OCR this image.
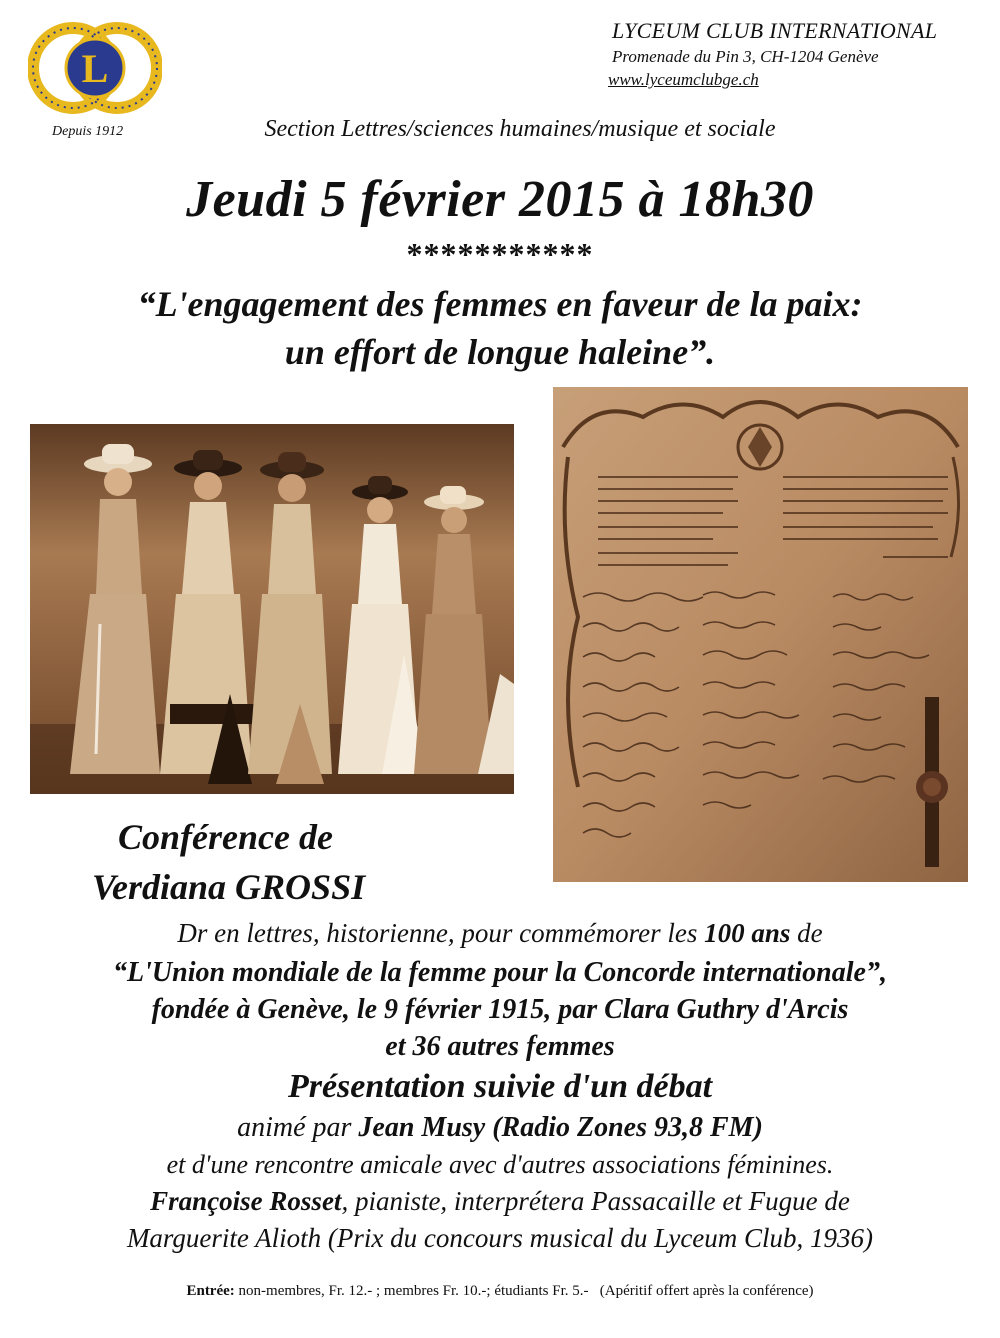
L
Depuis 1912
LYCEUM CLUB INTERNATIONAL
Promenade du Pin 3, CH-1204 Genève
www.lyceumclubge.ch
Section Lettres/sciences humaines/musique et sociale
Jeudi 5 février 2015 à 18h30
***********
“L'engagement des femmes en faveur de la paix:
un effort de longue haleine”.
Conférence de
Verdiana GROSSI
Dr en lettres, historienne, pour commémorer les 100 ans de
“L'Union mondiale de la femme pour la Concorde internationale”,
fondée à Genève, le 9 février 1915, par Clara Guthry d'Arcis
et 36 autres femmes
Présentation suivie d'un débat
animé par Jean Musy (Radio Zones 93,8 FM)
et d'une rencontre amicale avec d'autres associations féminines.
Françoise Rosset, pianiste, interprétera Passacaille et Fugue de
Marguerite Alioth (Prix du concours musical du Lyceum Club, 1936)
Entrée: non-membres, Fr. 12.- ; membres Fr. 10.-; étudiants Fr. 5.- (Apéritif offert après la conférence)
